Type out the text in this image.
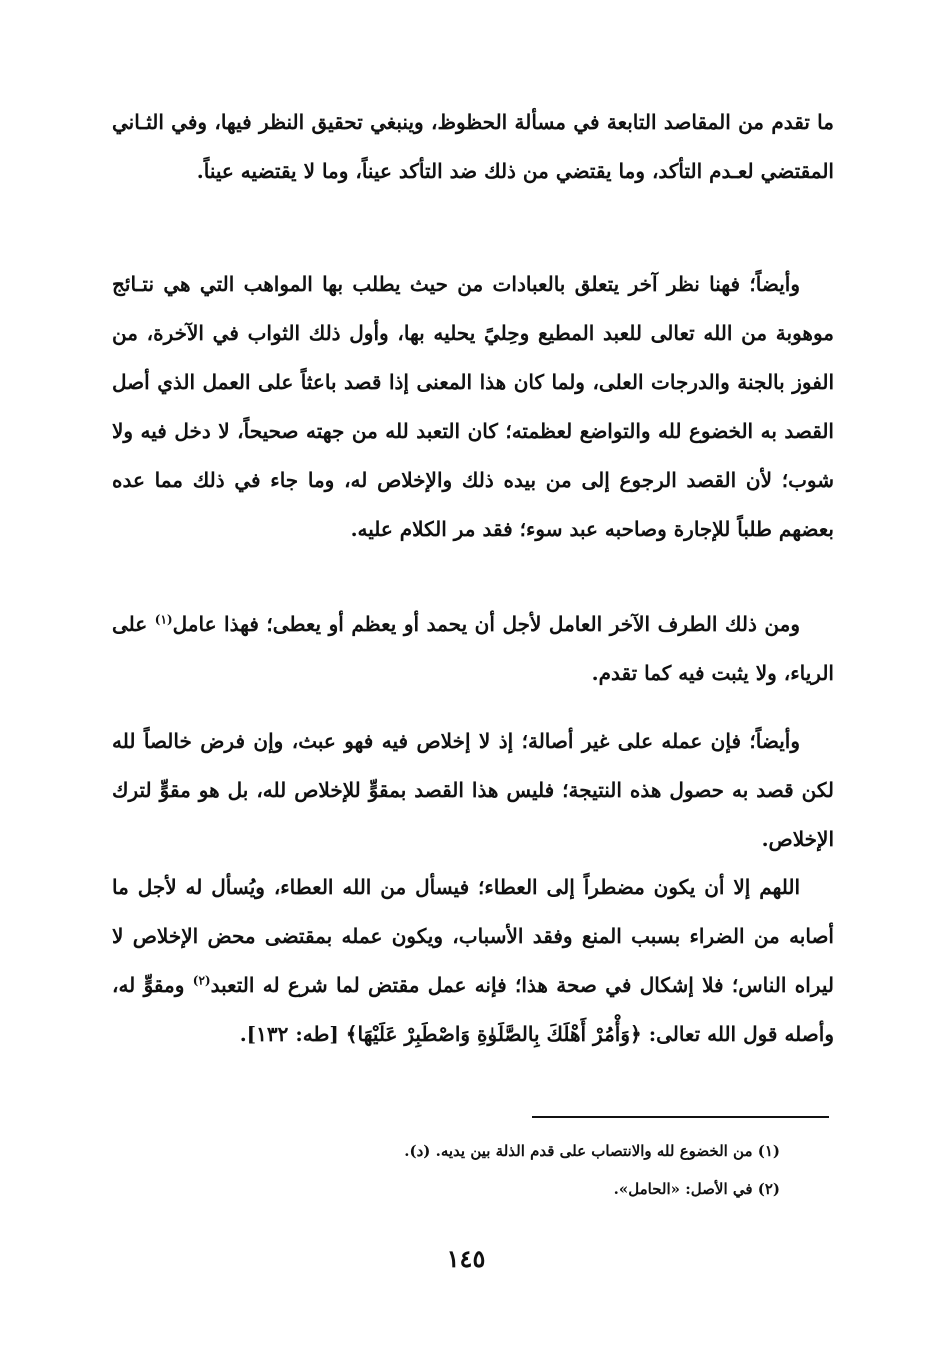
ما تقدم من المقاصد التابعة في مسألة الحظوظ، وينبغي تحقيق النظر فيها، وفي الثـاني المقتضي لعـدم التأكد، وما يقتضي من ذلك ضد التأكد عيناً، وما لا يقتضيه عيناً.

وأيضاً؛ فهنا نظر آخر يتعلق بالعبادات من حيث يطلب بها المواهب التي هي نتـائج موهوبة من الله تعالى للعبد المطيع وحِليً يحليه بها، وأول ذلك الثواب في الآخرة، من الفوز بالجنة والدرجات العلى، ولما كان هذا المعنى إذا قصد باعثاً على العمل الذي أصل القصد به الخضوع لله والتواضع لعظمته؛ كان التعبد لله من جهته صحيحاً، لا دخل فيه ولا شوب؛ لأن القصد الرجوع إلى من بيده ذلك والإخلاص له، وما جاء في ذلك مما عده بعضهم طلباً للإجارة وصاحبه عبد سوء؛ فقد مر الكلام عليه.

ومن ذلك الطرف الآخر العامل لأجل أن يحمد أو يعظم أو يعطى؛ فهذا عامل$^{(١)}$ على الرياء، ولا يثبت فيه كما تقدم.

وأيضاً؛ فإن عمله على غير أصالة؛ إذ لا إخلاص فيه فهو عبث، وإن فرض خالصاً لله لكن قصد به حصول هذه النتيجة؛ فليس هذا القصد بمقوٍّ للإخلاص لله، بل هو مقوٍّ لترك الإخلاص.

اللهم إلا أن يكون مضطراً إلى العطاء؛ فيسأل من الله العطاء، ويُسأل له لأجل ما أصابه من الضراء بسبب المنع وفقد الأسباب، ويكون عمله بمقتضى محض الإخلاص لا ليراه الناس؛ فلا إشكال في صحة هذا؛ فإنه عمل مقتض لما شرع له التعبد$^{(٢)}$ ومقوٍّ له، وأصله قول الله تعالى: ﴿وَأْمُرْ أَهْلَكَ بِالصَّلَوٰةِ وَاصْطَبِرْ عَلَيْهَا﴾ [طه: ١٣٢].

(١) من الخضوع لله والانتصاب على قدم الذلة بين يديه. (د).

(٢) في الأصل: «الحامل».

١٤٥
